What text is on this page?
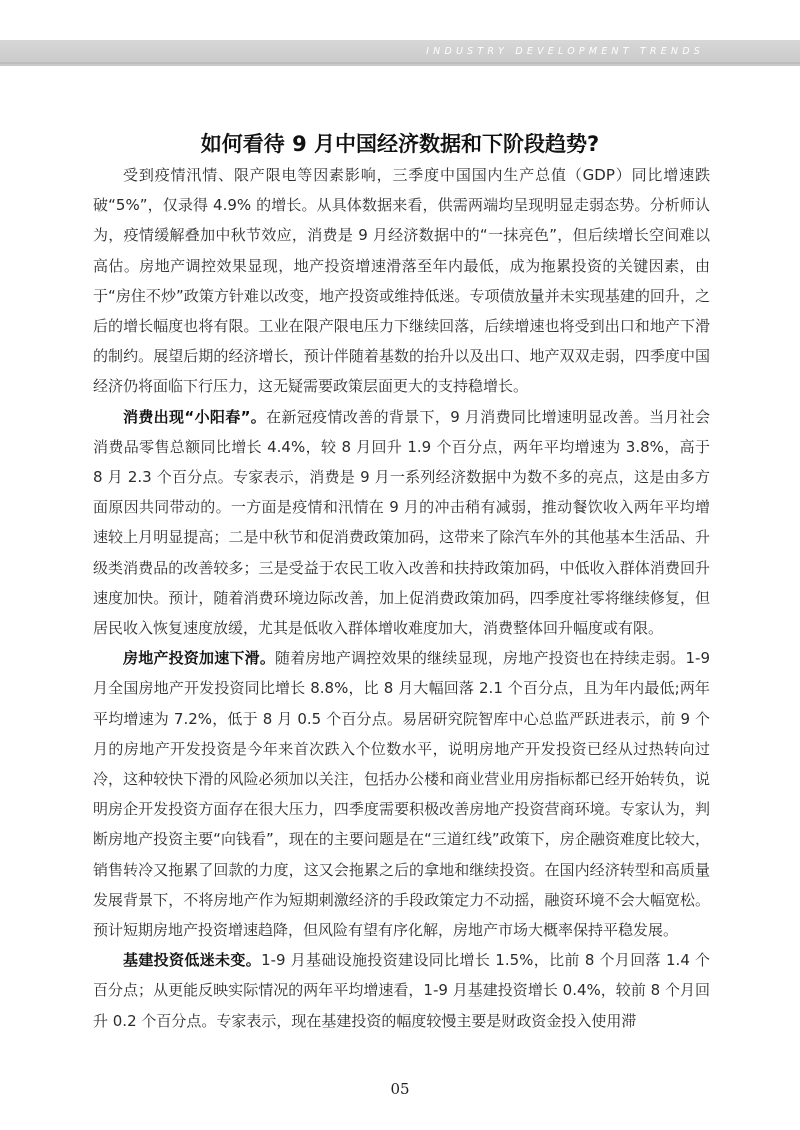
INDUSTRY DEVELOPMENT TRENDS
如何看待 9 月中国经济数据和下阶段趋势?

受到疫情汛情、限产限电等因素影响，三季度中国国内生产总值（GDP）同比增速跌破“5%”，仅录得 4.9% 的增长。从具体数据来看，供需两端均呈现明显走弱态势。分析师认为，疫情缓解叠加中秋节效应，消费是 9 月经济数据中的“一抹亮色”，但后续增长空间难以高估。房地产调控效果显现，地产投资增速滑落至年内最低，成为拖累投资的关键因素，由于“房住不炒”政策方针难以改变，地产投资或维持低迷。专项债放量并未实现基建的回升，之后的增长幅度也将有限。工业在限产限电压力下继续回落，后续增速也将受到出口和地产下滑的制约。展望后期的经济增长，预计伴随着基数的抬升以及出口、地产双双走弱，四季度中国经济仍将面临下行压力，这无疑需要政策层面更大的支持稳增长。

消费出现“小阳春”。在新冠疫情改善的背景下，9 月消费同比增速明显改善。当月社会消费品零售总额同比增长 4.4%，较 8 月回升 1.9 个百分点，两年平均增速为 3.8%，高于 8 月 2.3 个百分点。专家表示，消费是 9 月一系列经济数据中为数不多的亮点，这是由多方面原因共同带动的。一方面是疫情和汛情在 9 月的冲击稍有减弱，推动餐饮收入两年平均增速较上月明显提高；二是中秋节和促消费政策加码，这带来了除汽车外的其他基本生活品、升级类消费品的改善较多；三是受益于农民工收入改善和扶持政策加码，中低收入群体消费回升速度加快。预计，随着消费环境边际改善，加上促消费政策加码，四季度社零将继续修复，但居民收入恢复速度放缓，尤其是低收入群体增收难度加大，消费整体回升幅度或有限。

房地产投资加速下滑。随着房地产调控效果的继续显现，房地产投资也在持续走弱。1-9 月全国房地产开发投资同比增长 8.8%，比 8 月大幅回落 2.1 个百分点，且为年内最低;两年平均增速为 7.2%，低于 8 月 0.5 个百分点。易居研究院智库中心总监严跃进表示，前 9 个月的房地产开发投资是今年来首次跌入个位数水平，说明房地产开发投资已经从过热转向过冷，这种较快下滑的风险必须加以关注，包括办公楼和商业营业用房指标都已经开始转负，说明房企开发投资方面存在很大压力，四季度需要积极改善房地产投资营商环境。专家认为，判断房地产投资主要“向钱看”，现在的主要问题是在“三道红线”政策下，房企融资难度比较大，销售转冷又拖累了回款的力度，这又会拖累之后的拿地和继续投资。在国内经济转型和高质量发展背景下，不将房地产作为短期刺激经济的手段政策定力不动摇，融资环境不会大幅宽松。预计短期房地产投资增速趋降，但风险有望有序化解，房地产市场大概率保持平稳发展。

基建投资低迷未变。1-9 月基础设施投资建设同比增长 1.5%，比前 8 个月回落 1.4 个百分点；从更能反映实际情况的两年平均增速看，1-9 月基建投资增长 0.4%，较前 8 个月回升 0.2 个百分点。专家表示，现在基建投资的幅度较慢主要是财政资金投入使用滞

05
